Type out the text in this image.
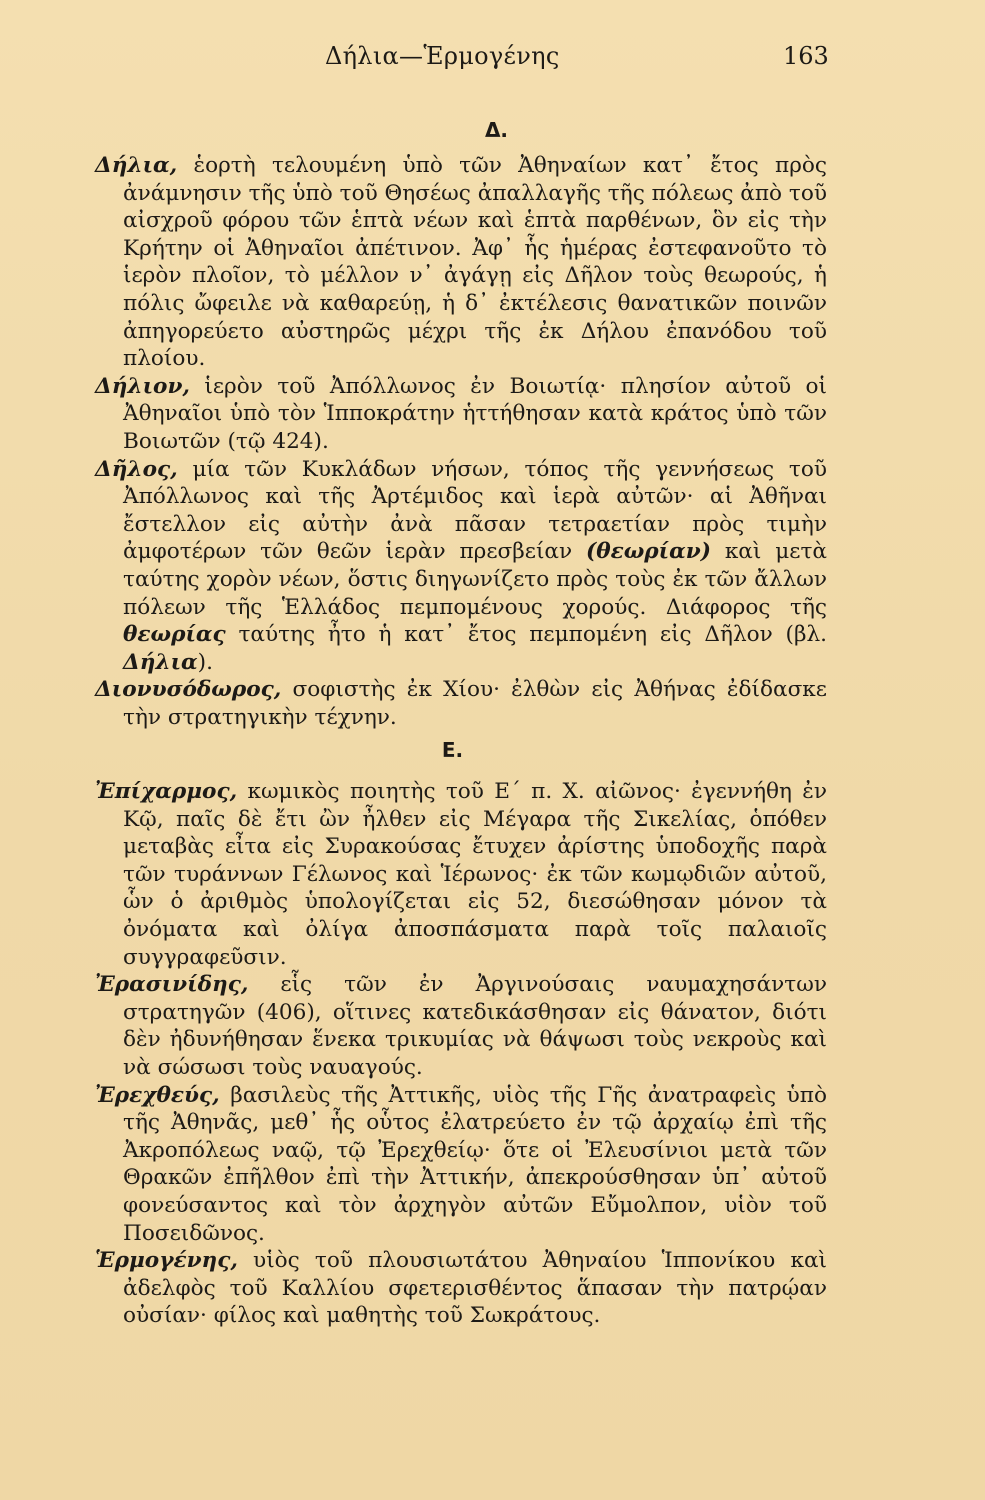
Δήλια—Ἑρμογένης	163
Δ.

Δήλια, ἑορτὴ τελουμένη ὑπὸ τῶν Ἀθηναίων κατ᾿ ἔτος πρὸς ἀνάμνησιν τῆς ὑπὸ τοῦ Θησέως ἀπαλλαγῆς τῆς πόλεως ἀπὸ τοῦ αἰσχροῦ φόρου τῶν ἑπτὰ νέων καὶ ἑπτὰ παρθένων, ὃν εἰς τὴν Κρήτην οἱ Ἀθηναῖοι ἀπέτινον. Ἀφ᾿ ἧς ἡμέρας ἐστεφανοῦτο τὸ ἱερὸν πλοῖον, τὸ μέλλον ν᾿ ἀγάγῃ εἰς Δῆλον τοὺς θεωρούς, ἡ πόλις ὤφειλε νὰ καθαρεύῃ, ἡ δ᾿ ἐκτέλεσις θανατικῶν ποινῶν ἀπηγορεύετο αὐστηρῶς μέχρι τῆς ἐκ Δήλου ἐπανόδου τοῦ πλοίου.

Δήλιον, ἱερὸν τοῦ Ἀπόλλωνος ἐν Βοιωτίᾳ· πλησίον αὐτοῦ οἱ Ἀθηναῖοι ὑπὸ τὸν Ἱπποκράτην ἡττήθησαν κατὰ κράτος ὑπὸ τῶν Βοιωτῶν (τῷ 424).

Δῆλος, μία τῶν Κυκλάδων νήσων, τόπος τῆς γεννήσεως τοῦ Ἀπόλλωνος καὶ τῆς Ἀρτέμιδος καὶ ἱερὰ αὐτῶν· αἱ Ἀθῆναι ἔστελλον εἰς αὐτὴν ἀνὰ πᾶσαν τετραετίαν πρὸς τιμὴν ἀμφοτέρων τῶν θεῶν ἱερὰν πρεσβείαν (θεωρίαν) καὶ μετὰ ταύτης χορὸν νέων, ὅστις διηγωνίζετο πρὸς τοὺς ἐκ τῶν ἄλλων πόλεων τῆς Ἑλλάδος πεμπομένους χορούς. Διάφορος τῆς θεωρίας ταύτης ἦτο ἡ κατ᾿ ἔτος πεμπομένη εἰς Δῆλον (βλ. Δήλια).

Διονυσόδωρος, σοφιστὴς ἐκ Χίου· ἐλθὼν εἰς Ἀθήνας ἐδίδασκε τὴν στρατηγικὴν τέχνην.

Ε.

Ἐπίχαρμος, κωμικὸς ποιητὴς τοῦ Ε΄ π. Χ. αἰῶνος· ἐγεννήθη ἐν Κῷ, παῖς δὲ ἔτι ὢν ἦλθεν εἰς Μέγαρα τῆς Σικελίας, ὁπόθεν μεταβὰς εἶτα εἰς Συρακούσας ἔτυχεν ἀρίστης ὑποδοχῆς παρὰ τῶν τυράννων Γέλωνος καὶ Ἱέρωνος· ἐκ τῶν κωμῳδιῶν αὐτοῦ, ὧν ὁ ἀριθμὸς ὑπολογίζεται εἰς 52, διεσώθησαν μόνον τὰ ὀνόματα καὶ ὀλίγα ἀποσπάσματα παρὰ τοῖς παλαιοῖς συγγραφεῦσιν.

Ἐρασινίδης, εἷς τῶν ἐν Ἀργινούσαις ναυμαχησάντων στρατηγῶν (406), οἵτινες κατεδικάσθησαν εἰς θάνατον, διότι δὲν ἠδυνήθησαν ἕνεκα τρικυμίας νὰ θάψωσι τοὺς νεκροὺς καὶ νὰ σώσωσι τοὺς ναυαγούς.

Ἐρεχθεύς, βασιλεὺς τῆς Ἀττικῆς, υἱὸς τῆς Γῆς ἀνατραφεὶς ὑπὸ τῆς Ἀθηνᾶς, μεθ᾿ ἧς οὗτος ἐλατρεύετο ἐν τῷ ἀρχαίῳ ἐπὶ τῆς Ἀκροπόλεως ναῷ, τῷ Ἐρεχθείῳ· ὅτε οἱ Ἐλευσίνιοι μετὰ τῶν Θρακῶν ἐπῆλθον ἐπὶ τὴν Ἀττικήν, ἀπεκρούσθησαν ὑπ᾿ αὐτοῦ φονεύσαντος καὶ τὸν ἀρχηγὸν αὐτῶν Εὔμολπον, υἱὸν τοῦ Ποσειδῶνος.

Ἑρμογένης, υἱὸς τοῦ πλουσιωτάτου Ἀθηναίου Ἱππονίκου καὶ ἀδελφὸς τοῦ Καλλίου σφετερισθέντος ἅπασαν τὴν πατρῴαν οὐσίαν· φίλος καὶ μαθητὴς τοῦ Σωκράτους.
